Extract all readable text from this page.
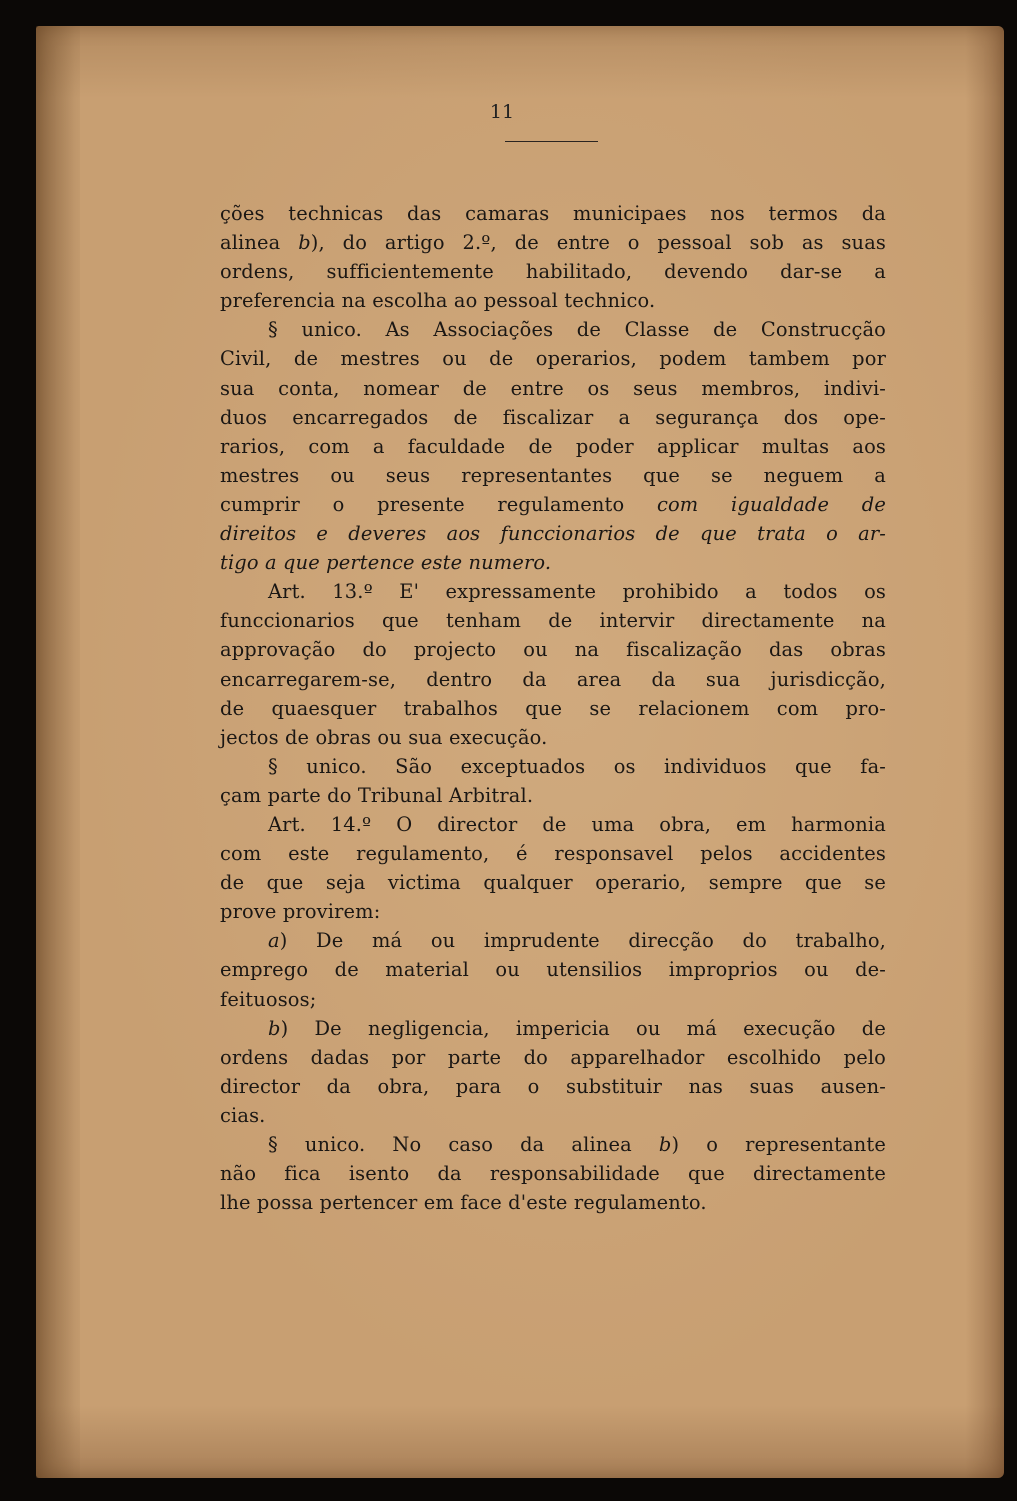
11
ções technicas das camaras municipaes nos termos da
alinea b), do artigo 2.º, de entre o pessoal sob as suas
ordens, sufficientemente habilitado, devendo dar-se a
preferencia na escolha ao pessoal technico.
§ unico. As Associações de Classe de Construcção
Civil, de mestres ou de operarios, podem tambem por
sua conta, nomear de entre os seus membros, indivi-
duos encarregados de fiscalizar a segurança dos ope-
rarios, com a faculdade de poder applicar multas aos
mestres ou seus representantes que se neguem a
cumprir o presente regulamento com igualdade de
direitos e deveres aos funccionarios de que trata o ar-
tigo a que pertence este numero.
Art. 13.º E' expressamente prohibido a todos os
funccionarios que tenham de intervir directamente na
approvação do projecto ou na fiscalização das obras
encarregarem-se, dentro da area da sua jurisdicção,
de quaesquer trabalhos que se relacionem com pro-
jectos de obras ou sua execução.
§ unico. São exceptuados os individuos que fa-
çam parte do Tribunal Arbitral.
Art. 14.º O director de uma obra, em harmonia
com este regulamento, é responsavel pelos accidentes
de que seja victima qualquer operario, sempre que se
prove provirem:
a) De má ou imprudente direcção do trabalho,
emprego de material ou utensilios improprios ou de-
feituosos;
b) De negligencia, impericia ou má execução de
ordens dadas por parte do apparelhador escolhido pelo
director da obra, para o substituir nas suas ausen-
cias.
§ unico. No caso da alinea b) o representante
não fica isento da responsabilidade que directamente
lhe possa pertencer em face d'este regulamento.
